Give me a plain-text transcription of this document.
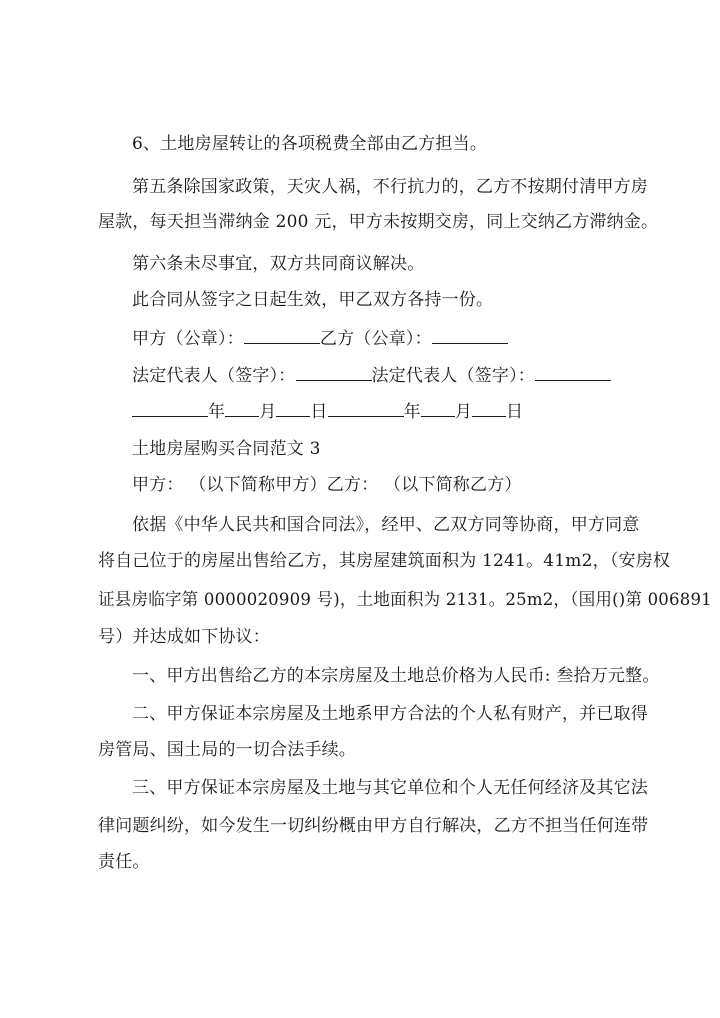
6、土地房屋转让的各项税费全部由乙方担当。
第五条除国家政策，天灾人祸，不行抗力的，乙方不按期付清甲方房
屋款，每天担当滞纳金 200 元，甲方未按期交房，同上交纳乙方滞纳金。
第六条未尽事宜，双方共同商议解决。
此合同从签字之日起生效，甲乙双方各持一份。
甲方（公章）：	乙方（公章）：
法定代表人（签字）：	法定代表人（签字）：
年 月 日	年 月 日
土地房屋购买合同范文 3
甲方： （以下简称甲方）乙方： （以下简称乙方）
依据《中华人民共和国合同法》，经甲、乙双方同等协商，甲方同意
将自己位于的房屋出售给乙方，其房屋建筑面积为 1241。41m2，（安房权
证县房临字第 0000020909 号)，土地面积为 2131。25m2，（国用()第 006891
号）并达成如下协议：
一、甲方出售给乙方的本宗房屋及土地总价格为人民币: 叁拾万元整。
二、甲方保证本宗房屋及土地系甲方合法的个人私有财产，并已取得
房管局、国土局的一切合法手续。
三、甲方保证本宗房屋及土地与其它单位和个人无任何经济及其它法
律问题纠纷，如今发生一切纠纷概由甲方自行解决，乙方不担当任何连带
责任。
